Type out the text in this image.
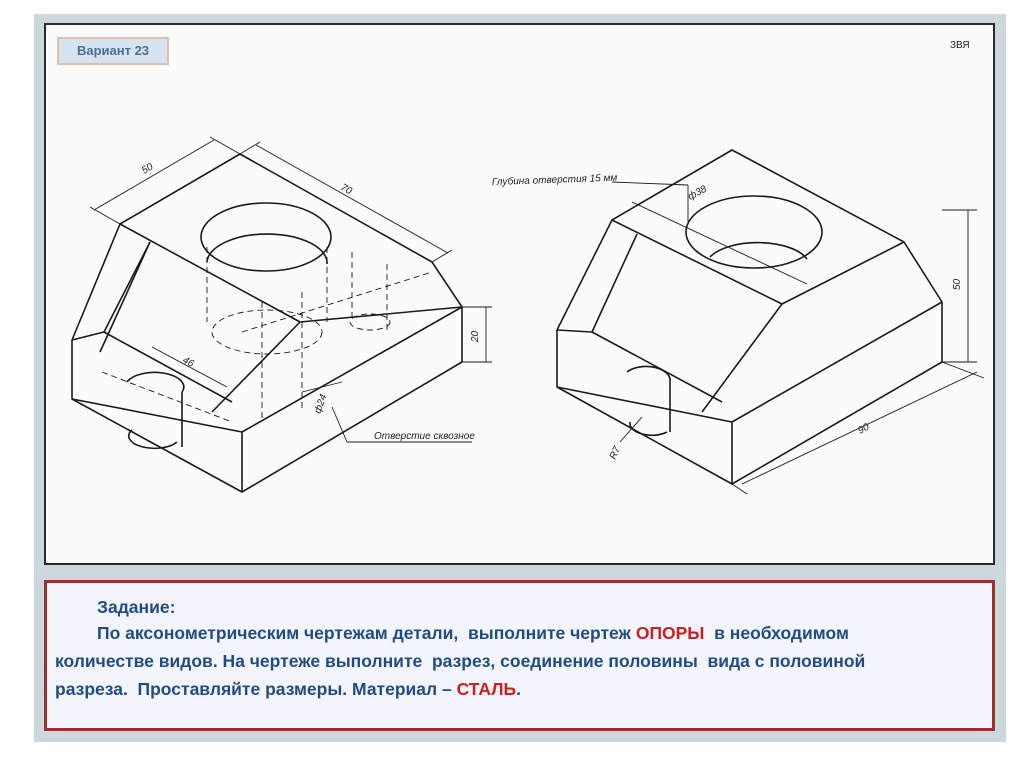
50
70
20
46
ф24
Отверстие сквозное
Глубина отверстия 15 мм
ф38
50
90
R7
Вариант 23	ЗВЯ
Задание:
По аксонометрическим чертежам детали,  выполните чертеж ОПОРЫ  в необходимом
количестве видов. На чертеже выполните  разрез, соединение половины  вида с половиной
разреза.  Проставляйте размеры. Материал – СТАЛЬ.
